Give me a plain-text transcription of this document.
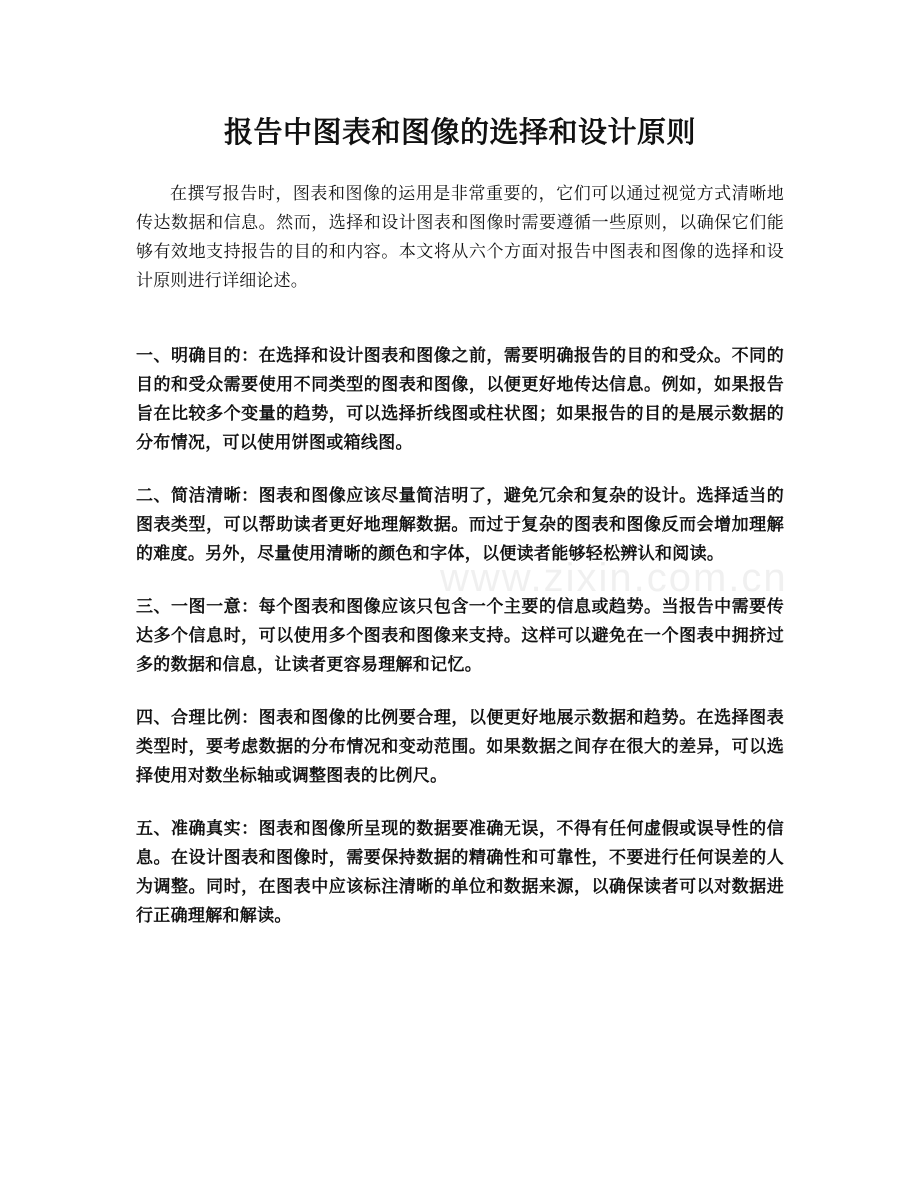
报告中图表和图像的选择和设计原则

在撰写报告时，图表和图像的运用是非常重要的，它们可以通过视觉方式清晰地传达数据和信息。然而，选择和设计图表和图像时需要遵循一些原则，以确保它们能够有效地支持报告的目的和内容。本文将从六个方面对报告中图表和图像的选择和设计原则进行详细论述。

一、明确目的：在选择和设计图表和图像之前，需要明确报告的目的和受众。不同的目的和受众需要使用不同类型的图表和图像，以便更好地传达信息。例如，如果报告旨在比较多个变量的趋势，可以选择折线图或柱状图；如果报告的目的是展示数据的分布情况，可以使用饼图或箱线图。

二、简洁清晰：图表和图像应该尽量简洁明了，避免冗余和复杂的设计。选择适当的图表类型，可以帮助读者更好地理解数据。而过于复杂的图表和图像反而会增加理解的难度。另外，尽量使用清晰的颜色和字体，以便读者能够轻松辨认和阅读。

三、一图一意：每个图表和图像应该只包含一个主要的信息或趋势。当报告中需要传达多个信息时，可以使用多个图表和图像来支持。这样可以避免在一个图表中拥挤过多的数据和信息，让读者更容易理解和记忆。

四、合理比例：图表和图像的比例要合理，以便更好地展示数据和趋势。在选择图表类型时，要考虑数据的分布情况和变动范围。如果数据之间存在很大的差异，可以选择使用对数坐标轴或调整图表的比例尺。

五、准确真实：图表和图像所呈现的数据要准确无误，不得有任何虚假或误导性的信息。在设计图表和图像时，需要保持数据的精确性和可靠性，不要进行任何误差的人为调整。同时，在图表中应该标注清晰的单位和数据来源，以确保读者可以对数据进行正确理解和解读。

www.zixin.com.cn
